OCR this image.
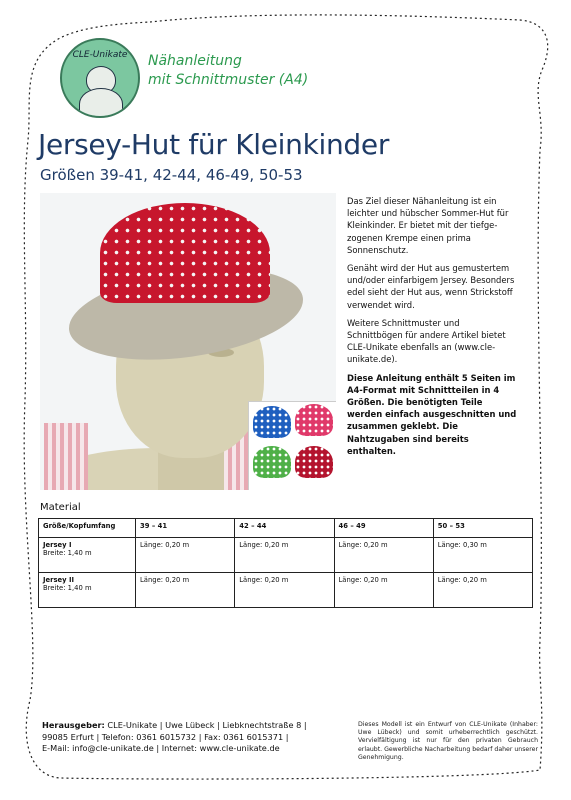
CLE-Unikate	Nähanleitung
mit Schnittmuster (A4)
Jersey-Hut für Kleinkinder
Größen 39-41, 42-44, 46-49, 50-53

Das Ziel dieser Nähanleitung ist ein leichter und hübscher Sommer-Hut für Kleinkinder. Er bietet mit der tiefge-zogenen Krempe einen prima Sonnenschutz.

Genäht wird der Hut aus gemustertem und/oder einfarbigem Jersey. Besonders edel sieht der Hut aus, wenn Strickstoff verwendet wird.

Weitere Schnittmuster und Schnittbögen für andere Artikel bietet CLE-Unikate ebenfalls an (www.cle-unikate.de).

Diese Anleitung enthält 5 Seiten im A4-Format mit Schnittteilen in 4 Größen. Die benötigten Teile werden einfach ausgeschnitten und zusammen geklebt. Die Nahtzugaben sind bereits enthalten.

Material
Größe/Kopfumfang	39 – 41	42 – 44	46 – 49	50 – 53

Jersey I
Breite: 1,40 m	Länge: 0,20 m	Länge: 0,20 m	Länge: 0,20 m	Länge: 0,30 m

Jersey II
Breite: 1,40 m	Länge: 0,20 m	Länge: 0,20 m	Länge: 0,20 m	Länge: 0,20 m
Herausgeber: CLE-Unikate | Uwe Lübeck | Liebknechtstraße 8 |
99085 Erfurt | Telefon: 0361 6015732 | Fax: 0361 6015371 |
E-Mail: info@cle-unikate.de | Internet: www.cle-unikate.de
Dieses Modell ist ein Entwurf von CLE-Unikate (Inhaber: Uwe Lübeck) und somit urheberrechtlich geschützt. Vervielfältigung ist nur für den privaten Gebrauch erlaubt. Gewerbliche Nacharbeitung bedarf daher unserer Genehmigung.
